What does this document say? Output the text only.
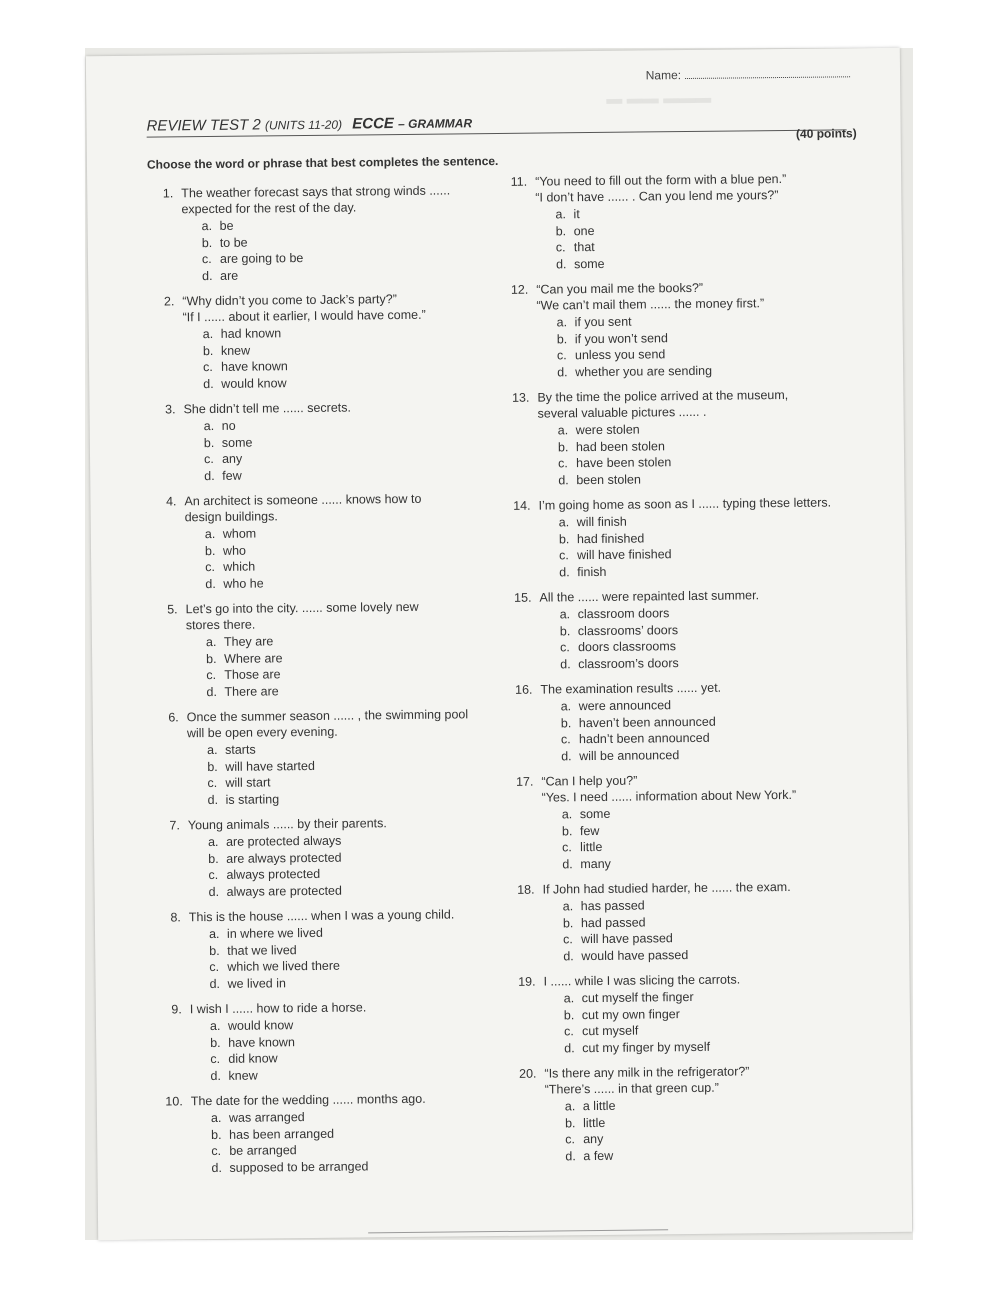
▬ ▬▬ ▬▬▬
Name:
REVIEW TEST 2 (UNITS 11-20) ECCE – GRAMMAR
(40 points)
Choose the word or phrase that best completes the sentence.
1. The weather forecast says that strong winds ......
expected for the rest of the day.
a. be
b. to be
c. are going to be
d. are
2. “Why didn’t you come to Jack’s party?”
“If I ...... about it earlier, I would have come.”
a. had known
b. knew
c. have known
d. would know
3. She didn’t tell me ...... secrets.
a. no
b. some
c. any
d. few
4. An architect is someone ...... knows how to
design buildings.
a. whom
b. who
c. which
d. who he
5. Let’s go into the city. ...... some lovely new
stores there.
a. They are
b. Where are
c. Those are
d. There are
6. Once the summer season ...... , the swimming pool
will be open every evening.
a. starts
b. will have started
c. will start
d. is starting
7. Young animals ...... by their parents.
a. are protected always
b. are always protected
c. always protected
d. always are protected
8. This is the house ...... when I was a young child.
a. in where we lived
b. that we lived
c. which we lived there
d. we lived in
9. I wish I ...... how to ride a horse.
a. would know
b. have known
c. did know
d. knew
10. The date for the wedding ...... months ago.
a. was arranged
b. has been arranged
c. be arranged
d. supposed to be arranged
11. “You need to fill out the form with a blue pen.”
“I don’t have ...... . Can you lend me yours?”
a. it
b. one
c. that
d. some
12. “Can you mail me the books?”
“We can’t mail them ...... the money first.”
a. if you sent
b. if you won’t send
c. unless you send
d. whether you are sending
13. By the time the police arrived at the museum,
several valuable pictures ...... .
a. were stolen
b. had been stolen
c. have been stolen
d. been stolen
14. I’m going home as soon as I ...... typing these letters.
a. will finish
b. had finished
c. will have finished
d. finish
15. All the ...... were repainted last summer.
a. classroom doors
b. classrooms’ doors
c. doors classrooms
d. classroom’s doors
16. The examination results ...... yet.
a. were announced
b. haven’t been announced
c. hadn’t been announced
d. will be announced
17. “Can I help you?”
“Yes. I need ...... information about New York.”
a. some
b. few
c. little
d. many
18. If John had studied harder, he ...... the exam.
a. has passed
b. had passed
c. will have passed
d. would have passed
19. I ...... while I was slicing the carrots.
a. cut myself the finger
b. cut my own finger
c. cut myself
d. cut my finger by myself
20. “Is there any milk in the refrigerator?”
“There’s ...... in that green cup.”
a. a little
b. little
c. any
d. a few
